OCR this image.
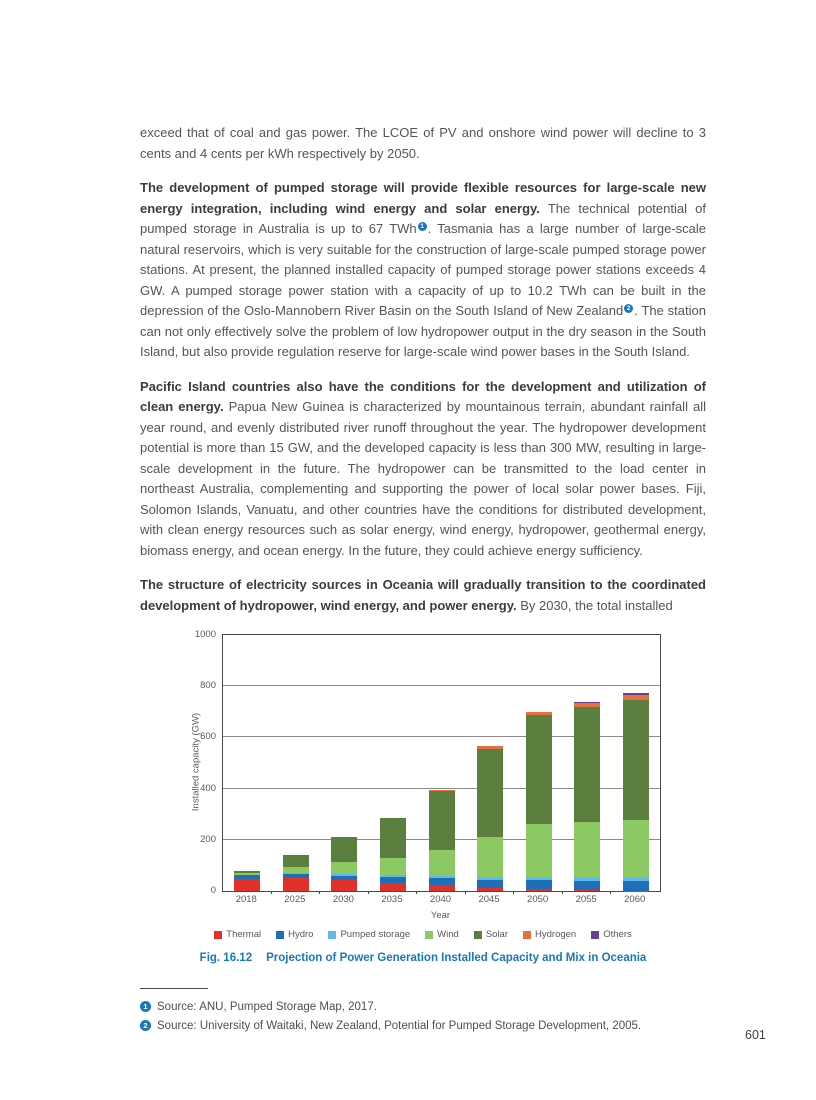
exceed that of coal and gas power. The LCOE of PV and onshore wind power will decline to 3 cents and 4 cents per kWh respectively by 2050.

The development of pumped storage will provide flexible resources for large-scale new energy integration, including wind energy and solar energy. The technical potential of pumped storage in Australia is up to 67 TWh 1 . Tasmania has a large number of large-scale natural reservoirs, which is very suitable for the construction of large-scale pumped storage power stations. At present, the planned installed capacity of pumped storage power stations exceeds 4 GW. A pumped storage power station with a capacity of up to 10.2 TWh can be built in the depression of the Oslo-Mannobern River Basin on the South Island of New Zealand 2 . The station can not only effectively solve the problem of low hydropower output in the dry season in the South Island, but also provide regulation reserve for large-scale wind power bases in the South Island.

Pacific Island countries also have the conditions for the development and utilization of clean energy. Papua New Guinea is characterized by mountainous terrain, abundant rainfall all year round, and evenly distributed river runoff throughout the year. The hydropower development potential is more than 15 GW, and the developed capacity is less than 300 MW, resulting in large-scale development in the future. The hydropower can be transmitted to the load center in northeast Australia, complementing and supporting the power of local solar power bases. Fiji, Solomon Islands, Vanuatu, and other countries have the conditions for distributed development, with clean energy resources such as solar energy, wind energy, hydropower, geothermal energy, biomass energy, and ocean energy. In the future, they could achieve energy sufficiency.

The structure of electricity sources in Oceania will gradually transition to the coordinated development of hydropower, wind energy, and power energy. By 2030, the total installed

Installed capacity (GW)
0
200
400
600
800
1000
2018	2025	2030	2035	2040	2045	2050	2055	2060
Year
Thermal	Hydro	Pumped storage	Wind	Solar	Hydrogen	Others
Fig. 16.12 Projection of Power Generation Installed Capacity and Mix in Oceania
1 Source: ANU, Pumped Storage Map, 2017.
2 Source: University of Waitaki, New Zealand, Potential for Pumped Storage Development, 2005.
601
